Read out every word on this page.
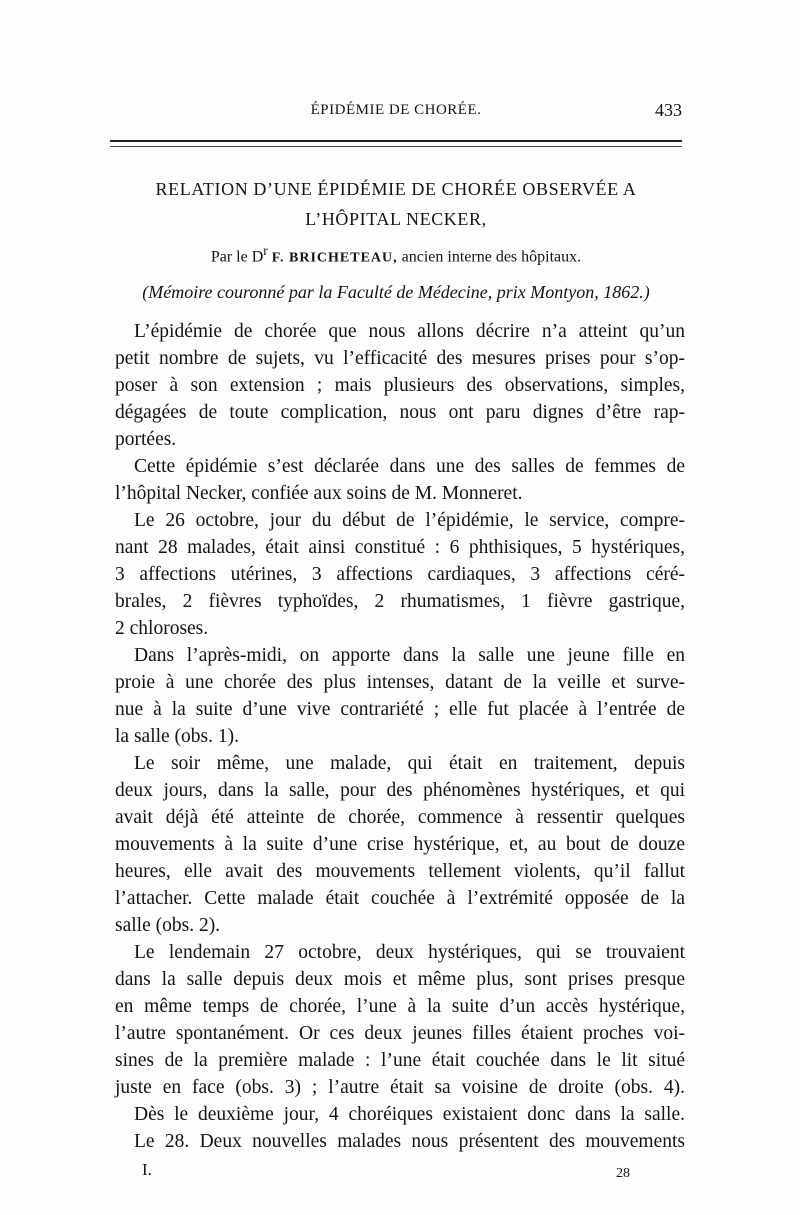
ÉPIDÉMIE DE CHORÉE.	433
RELATION D’UNE ÉPIDÉMIE DE CHORÉE OBSERVÉE A
L’HÔPITAL NECKER,
Par le $D^r$ F. BRICHETEAU, ancien interne des hôpitaux.
(Mémoire couronné par la Faculté de Médecine, prix Montyon, 1862.)
L’épidémie de chorée que nous allons décrire n’a atteint qu’un
petit nombre de sujets, vu l’efficacité des mesures prises pour s’op-
poser à son extension ; mais plusieurs des observations, simples,
dégagées de toute complication, nous ont paru dignes d’être rap-
portées.
Cette épidémie s’est déclarée dans une des salles de femmes de
l’hôpital Necker, confiée aux soins de M. Monneret.
Le 26 octobre, jour du début de l’épidémie, le service, compre-
nant 28 malades, était ainsi constitué : 6 phthisiques, 5 hystériques,
3 affections utérines, 3 affections cardiaques, 3 affections céré-
brales, 2 fièvres typhoïdes, 2 rhumatismes, 1 fièvre gastrique,
2 chloroses.
Dans l’après-midi, on apporte dans la salle une jeune fille en
proie à une chorée des plus intenses, datant de la veille et surve-
nue à la suite d’une vive contrariété ; elle fut placée à l’entrée de
la salle (obs. 1).
Le soir même, une malade, qui était en traitement, depuis
deux jours, dans la salle, pour des phénomènes hystériques, et qui
avait déjà été atteinte de chorée, commence à ressentir quelques
mouvements à la suite d’une crise hystérique, et, au bout de douze
heures, elle avait des mouvements tellement violents, qu’il fallut
l’attacher. Cette malade était couchée à l’extrémité opposée de la
salle (obs. 2).
Le lendemain 27 octobre, deux hystériques, qui se trouvaient
dans la salle depuis deux mois et même plus, sont prises presque
en même temps de chorée, l’une à la suite d’un accès hystérique,
l’autre spontanément. Or ces deux jeunes filles étaient proches voi-
sines de la première malade : l’une était couchée dans le lit situé
juste en face (obs. 3) ; l’autre était sa voisine de droite (obs. 4).
Dès le deuxième jour, 4 choréiques existaient donc dans la salle.
Le 28. Deux nouvelles malades nous présentent des mouvements
I.	28
